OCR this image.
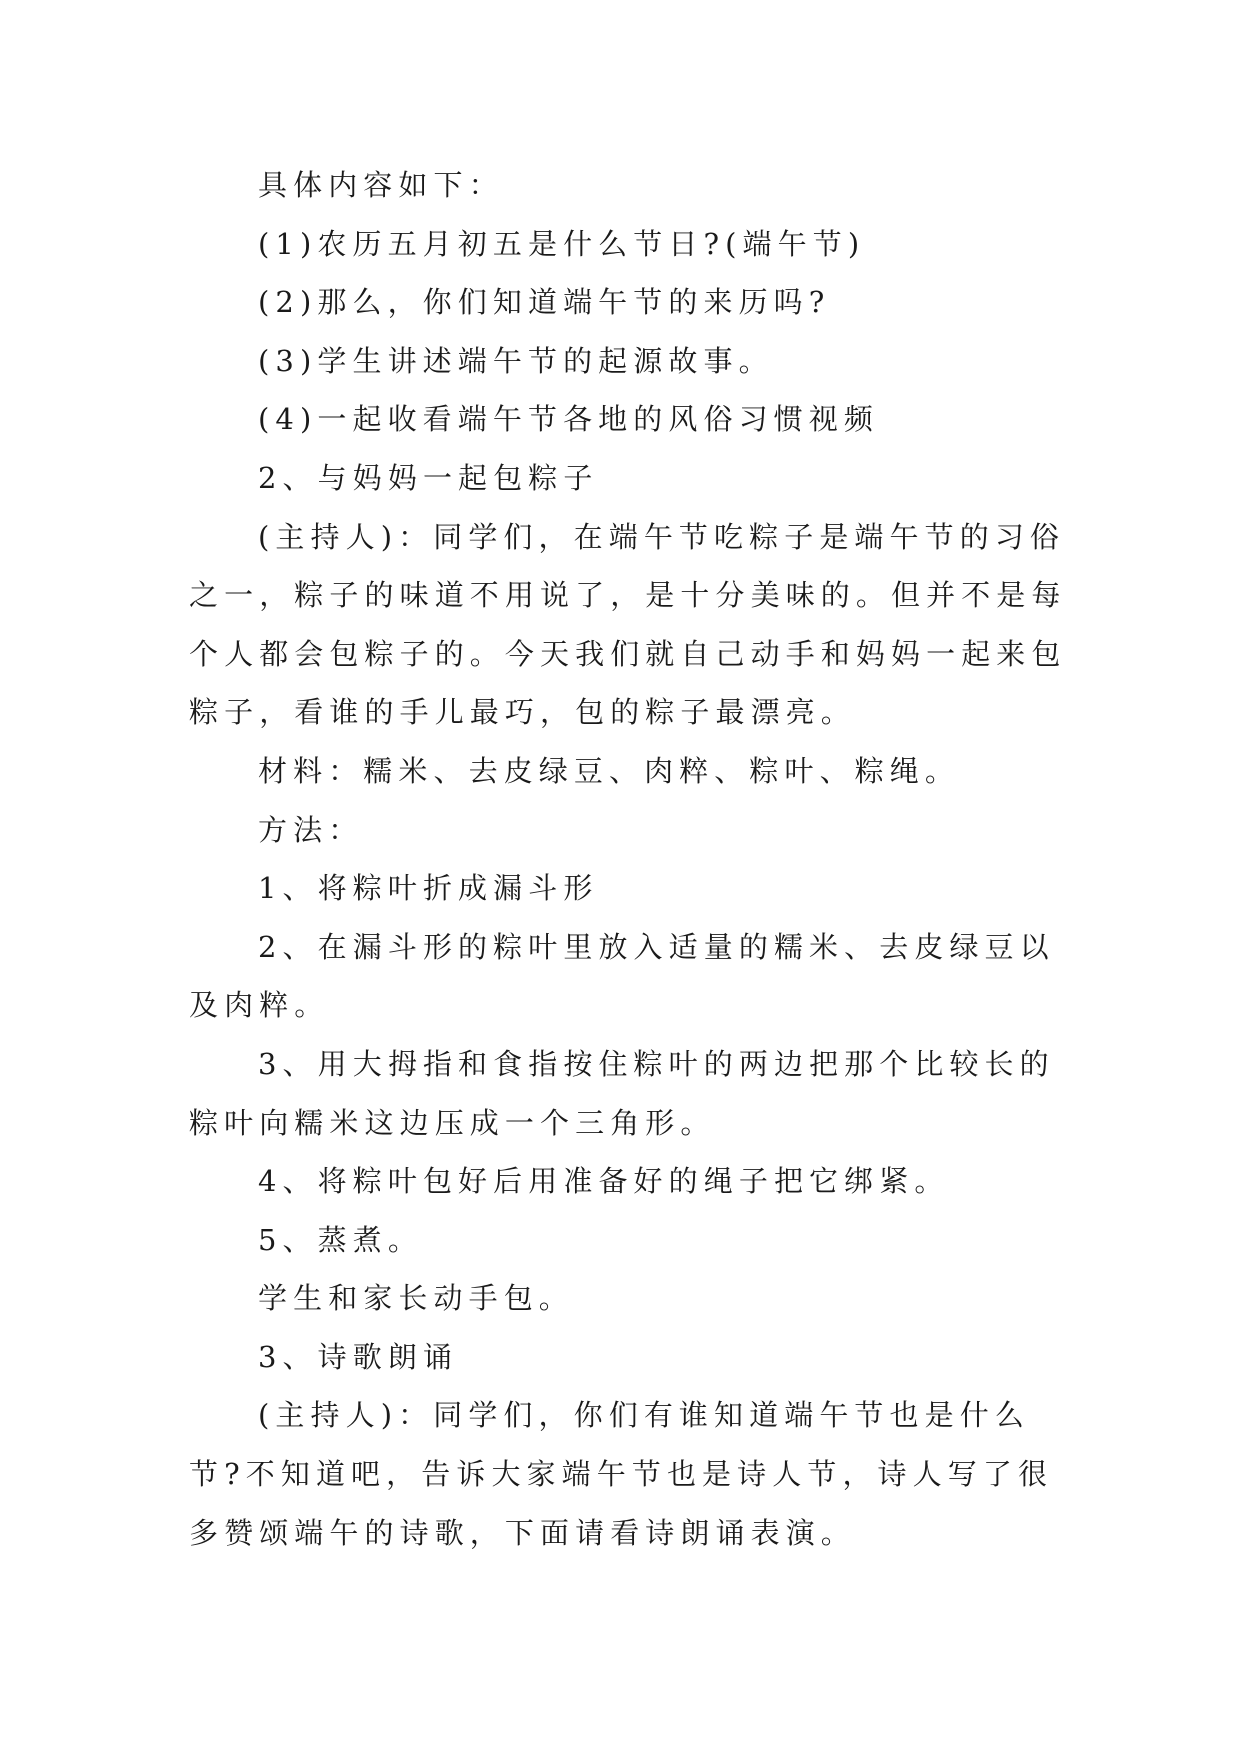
具体内容如下：

(1)农历五月初五是什么节日?(端午节)

(2)那么，你们知道端午节的来历吗?

(3)学生讲述端午节的起源故事。

(4)一起收看端午节各地的风俗习惯视频

2、与妈妈一起包粽子

(主持人)：同学们，在端午节吃粽子是端午节的习俗之一，粽子的味道不用说了，是十分美味的。但并不是每个人都会包粽子的。今天我们就自己动手和妈妈一起来包粽子，看谁的手儿最巧，包的粽子最漂亮。

材料：糯米、去皮绿豆、肉粹、粽叶、粽绳。

方法：

1、将粽叶折成漏斗形

2、在漏斗形的粽叶里放入适量的糯米、去皮绿豆以及肉粹。

3、用大拇指和食指按住粽叶的两边把那个比较长的粽叶向糯米这边压成一个三角形。

4、将粽叶包好后用准备好的绳子把它绑紧。

5、蒸煮。

学生和家长动手包。

3、诗歌朗诵

(主持人)：同学们，你们有谁知道端午节也是什么节?不知道吧，告诉大家端午节也是诗人节，诗人写了很多赞颂端午的诗歌，下面请看诗朗诵表演。
